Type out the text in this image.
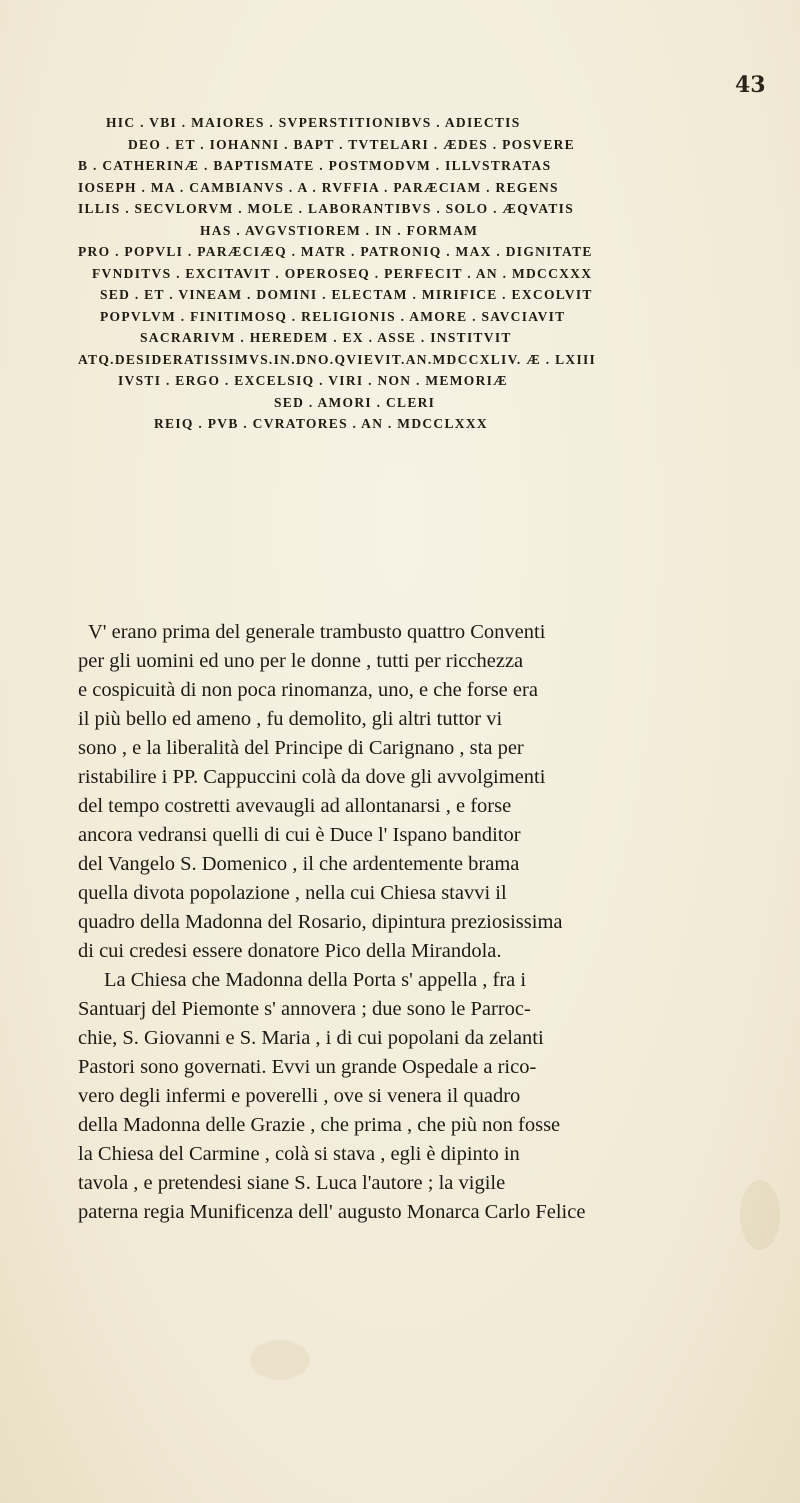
43
HIC . VBI . MAIORES . SVPERSTITIONIBVS . ADIECTIS
DEO . ET . IOHANNI . BAPT . TVTELARI . ÆDES . POSVERE
B . CATHERINÆ . BAPTISMATE . POSTMODVM . ILLVSTRATAS
IOSEPH . MA . CAMBIANVS . A . RVFFIA . PARÆCIAM . REGENS
ILLIS . SECVLORVM . MOLE . LABORANTIBVS . SOLO . ÆQVATIS
HAS . AVGVSTIOREM . IN . FORMAM
PRO . POPVLI . PARÆCIÆQ . MATR . PATRONIQ . MAX . DIGNITATE
FVNDITVS . EXCITAVIT . OPEROSEQ . PERFECIT . AN . MDCCXXX
SED . ET . VINEAM . DOMINI . ELECTAM . MIRIFICE . EXCOLVIT
POPVLVM . FINITIMOSQ . RELIGIONIS . AMORE . SAVCIAVIT
SACRARIVM . HEREDEM . EX . ASSE . INSTITVIT
ATQ.DESIDERATISSIMVS.IN.DNO.QVIEVIT.AN.MDCCXLIV. Æ . LXIII
IVSTI . ERGO . EXCELSIQ . VIRI . NON . MEMORIÆ
SED . AMORI . CLERI
REIQ . PVB . CVRATORES . AN . MDCCLXXX
V' erano prima del generale trambusto quattro Conventi
per gli uomini ed uno per le donne , tutti per ricchezza
e cospicuità di non poca rinomanza, uno, e che forse era
il più bello ed ameno , fu demolito, gli altri tuttor vi
sono , e la liberalità del Principe di Carignano , sta per
ristabilire i PP. Cappuccini colà da dove gli avvolgimenti
del tempo costretti avevaugli ad allontanarsi , e forse
ancora vedransi quelli di cui è Duce l' Ispano banditor
del Vangelo S. Domenico , il che ardentemente brama
quella divota popolazione , nella cui Chiesa stavvi il
quadro della Madonna del Rosario, dipintura preziosissima
di cui credesi essere donatore Pico della Mirandola.
La Chiesa che Madonna della Porta s' appella , fra i
Santuarj del Piemonte s' annovera ; due sono le Parroc-
chie, S. Giovanni e S. Maria , i di cui popolani da zelanti
Pastori sono governati. Evvi un grande Ospedale a rico-
vero degli infermi e poverelli , ove si venera il quadro
della Madonna delle Grazie , che prima , che più non fosse
la Chiesa del Carmine , colà si stava , egli è dipinto in
tavola , e pretendesi siane S. Luca l'autore ; la vigile
paterna regia Munificenza dell' augusto Monarca Carlo Felice
